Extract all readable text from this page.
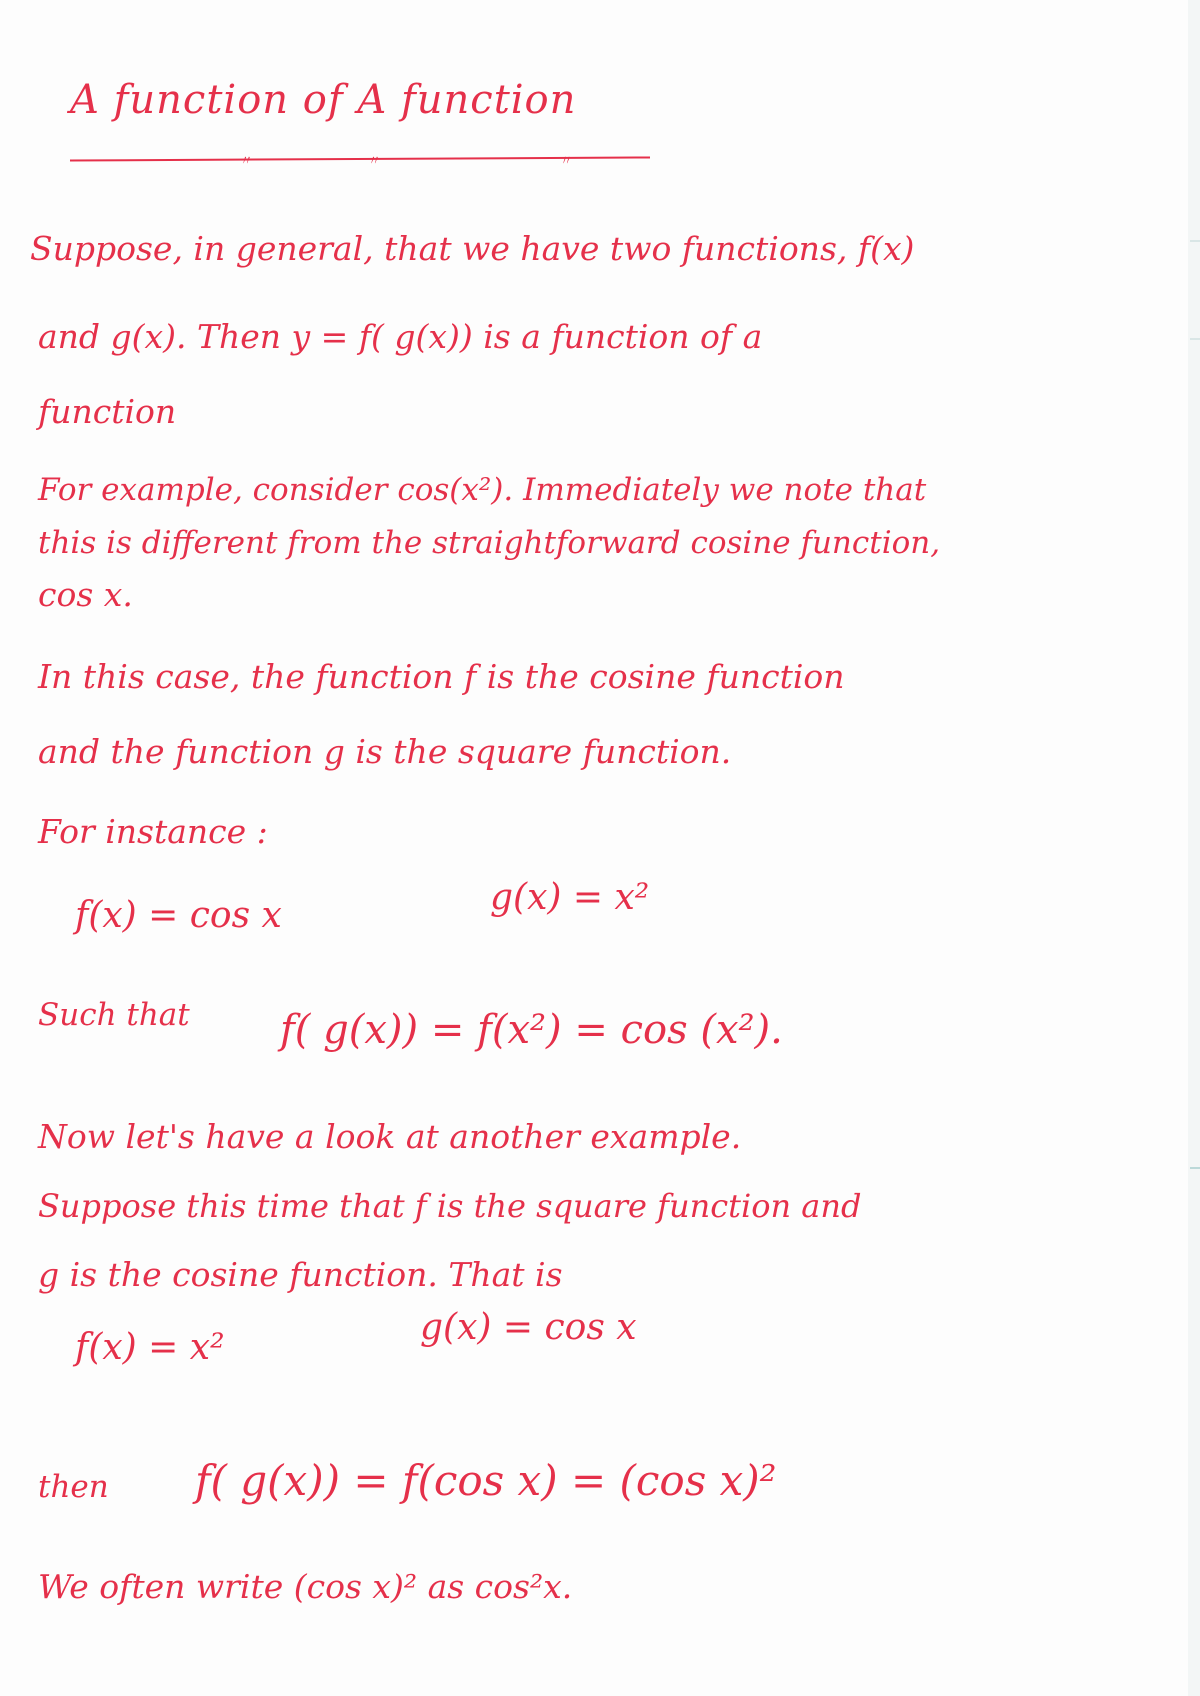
A function of A function

〃	〃	〃

Suppose, in general, that we have two functions, f(x)

and g(x). Then y = f( g(x)) is a function of a

function

For example, consider cos(x²). Immediately we note that

this is different from the straightforward cosine function,

cos x.

In this case, the function f is the cosine function

and the function g is the square function.

For instance :

f(x) = cos x	g(x) = x²

Such that f( g(x)) = f(x²) = cos (x²).

Now let's have a look at another example.

Suppose this time that f is the square function and

g is the cosine function. That is

f(x) = x²	g(x) = cos x

then f( g(x)) = f(cos x) = (cos x)²

We often write (cos x)² as cos²x.
